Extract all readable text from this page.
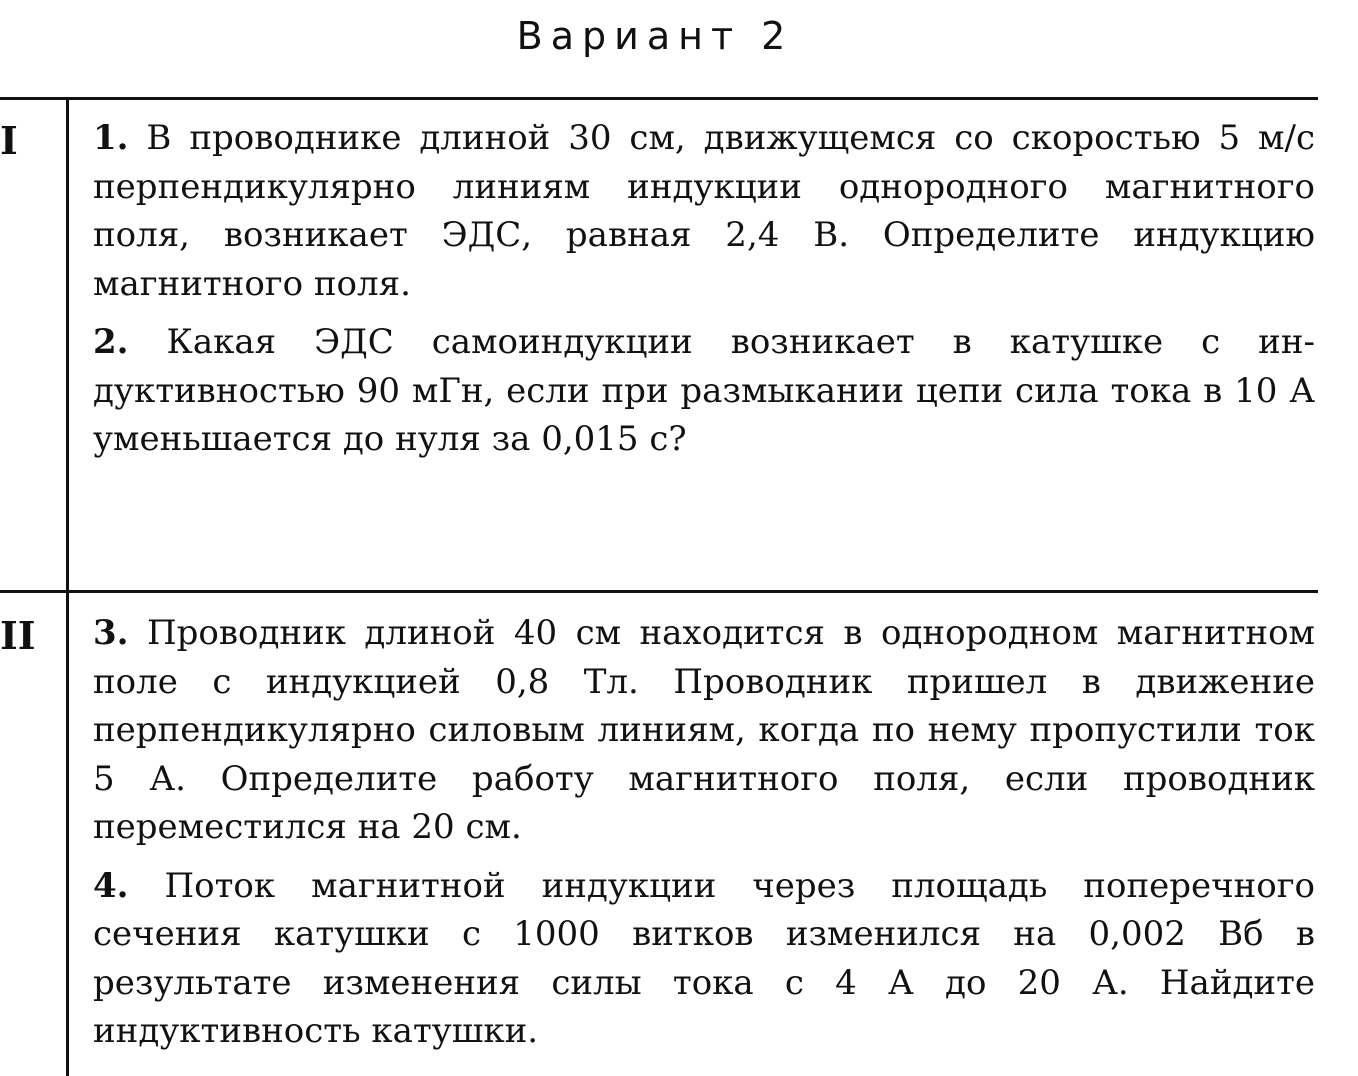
Вариант 2
I
II

1. В проводнике длиной 30 см, движущемся со скоростью 5 м/с перпендикулярно линиям индукции однородного магнитного поля, возникает ЭДС, равная 2,4 В. Определите индукцию магнитного поля.

2. Какая ЭДС самоиндукции возникает в катушке с индуктивностью 90 мГн, если при размыкании цепи сила тока в 10 А уменьшается до нуля за 0,015 с?

3. Проводник длиной 40 см находится в однородном магнитном поле с индукцией 0,8 Тл. Проводник пришел в движение перпендикулярно силовым линиям, когда по нему пропустили ток 5 А. Определите работу магнитного поля, если проводник переместился на 20 см.

4. Поток магнитной индукции через площадь поперечного сечения катушки с 1000 витков изменился на 0,002 Вб в результате изменения силы тока с 4 А до 20 А. Найдите индуктивность катушки.
